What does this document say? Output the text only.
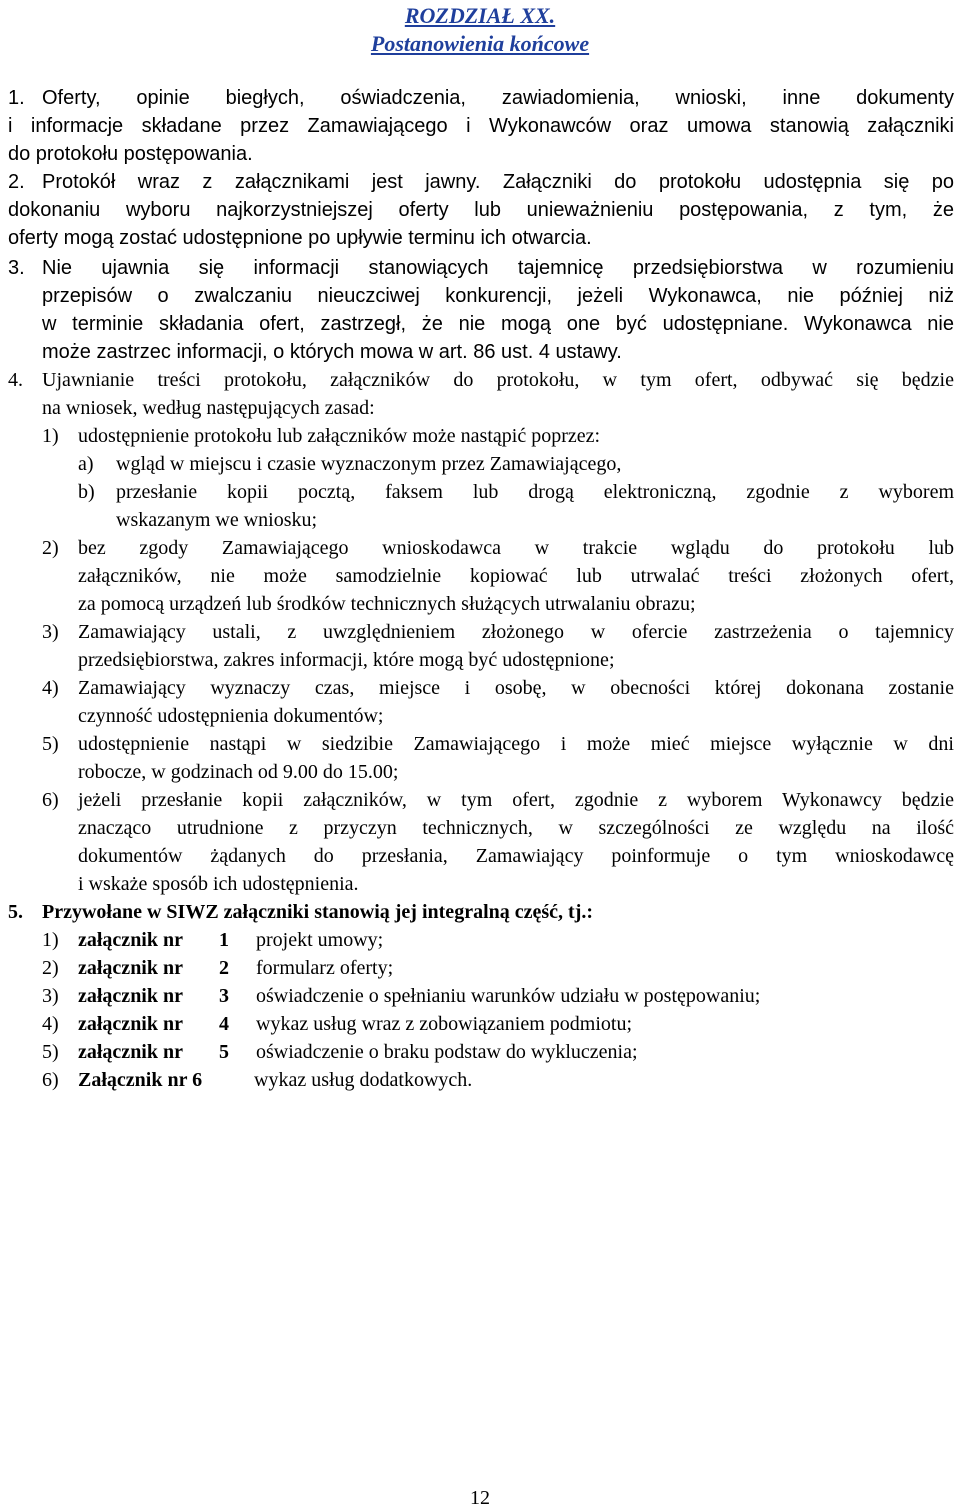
ROZDZIAŁ XX.
Postanowienia końcowe
1. Oferty, opinie biegłych, oświadczenia, zawiadomienia, wnioski, inne dokumenty
i informacje składane przez Zamawiającego i Wykonawców oraz umowa stanowią załączniki
do protokołu postępowania.
2. Protokół wraz z załącznikami jest jawny. Załączniki do protokołu udostępnia się po
dokonaniu wyboru najkorzystniejszej oferty lub unieważnieniu postępowania, z tym, że
oferty mogą zostać udostępnione po upływie terminu ich otwarcia.
3. Nie ujawnia się informacji stanowiących tajemnicę przedsiębiorstwa w rozumieniu
przepisów o zwalczaniu nieuczciwej konkurencji, jeżeli Wykonawca, nie później niż
w terminie składania ofert, zastrzegł, że nie mogą one być udostępniane. Wykonawca nie
może zastrzec informacji, o których mowa w art. 86 ust. 4 ustawy.
4. Ujawnianie treści protokołu, załączników do protokołu, w tym ofert, odbywać się będzie
na wniosek, według następujących zasad:
1) udostępnienie protokołu lub załączników może nastąpić poprzez:
a) wgląd w miejscu i czasie wyznaczonym przez Zamawiającego,
b) przesłanie kopii pocztą, faksem lub drogą elektroniczną, zgodnie z wyborem
wskazanym we wniosku;
2) bez zgody Zamawiającego wnioskodawca w trakcie wglądu do protokołu lub
załączników, nie może samodzielnie kopiować lub utrwalać treści złożonych ofert,
za pomocą urządzeń lub środków technicznych służących utrwalaniu obrazu;
3) Zamawiający ustali, z uwzględnieniem złożonego w ofercie zastrzeżenia o tajemnicy
przedsiębiorstwa, zakres informacji, które mogą być udostępnione;
4) Zamawiający wyznaczy czas, miejsce i osobę, w obecności której dokonana zostanie
czynność udostępnienia dokumentów;
5) udostępnienie nastąpi w siedzibie Zamawiającego i może mieć miejsce wyłącznie w dni
robocze, w godzinach od 9.00 do 15.00;
6) jeżeli przesłanie kopii załączników, w tym ofert, zgodnie z wyborem Wykonawcy będzie
znacząco utrudnione z przyczyn technicznych, w szczególności ze względu na ilość
dokumentów żądanych do przesłania, Zamawiający poinformuje o tym wnioskodawcę
i wskaże sposób ich udostępnienia.
5. Przywołane w SIWZ załączniki stanowią jej integralną część, tj.:
1) załącznik nr 1 projekt umowy;
2) załącznik nr 2 formularz oferty;
3) załącznik nr 3 oświadczenie o spełnianiu warunków udziału w postępowaniu;
4) załącznik nr 4 wykaz usług wraz z zobowiązaniem podmiotu;
5) załącznik nr 5 oświadczenie o braku podstaw do wykluczenia;
6) Załącznik nr 6	wykaz usług dodatkowych.
12
